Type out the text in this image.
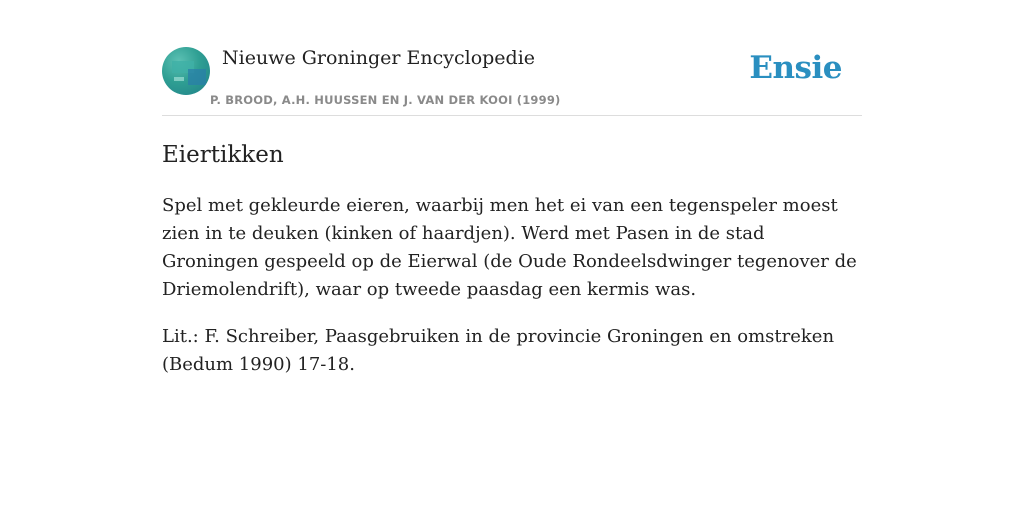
Nieuwe Groninger Encyclopedie
P. BROOD, A.H. HUUSSEN EN J. VAN DER KOOI (1999)
Ensie
Eiertikken

Spel met gekleurde eieren, waarbij men het ei van een tegenspeler moest zien in te deuken (kinken of haardjen). Werd met Pasen in de stad Groningen gespeeld op de Eierwal (de Oude Rondeelsdwinger tegenover de Driemolendrift), waar op tweede paasdag een kermis was.

Lit.: F. Schreiber, Paasgebruiken in de provincie Groningen en omstreken (Bedum 1990) 17-18.
